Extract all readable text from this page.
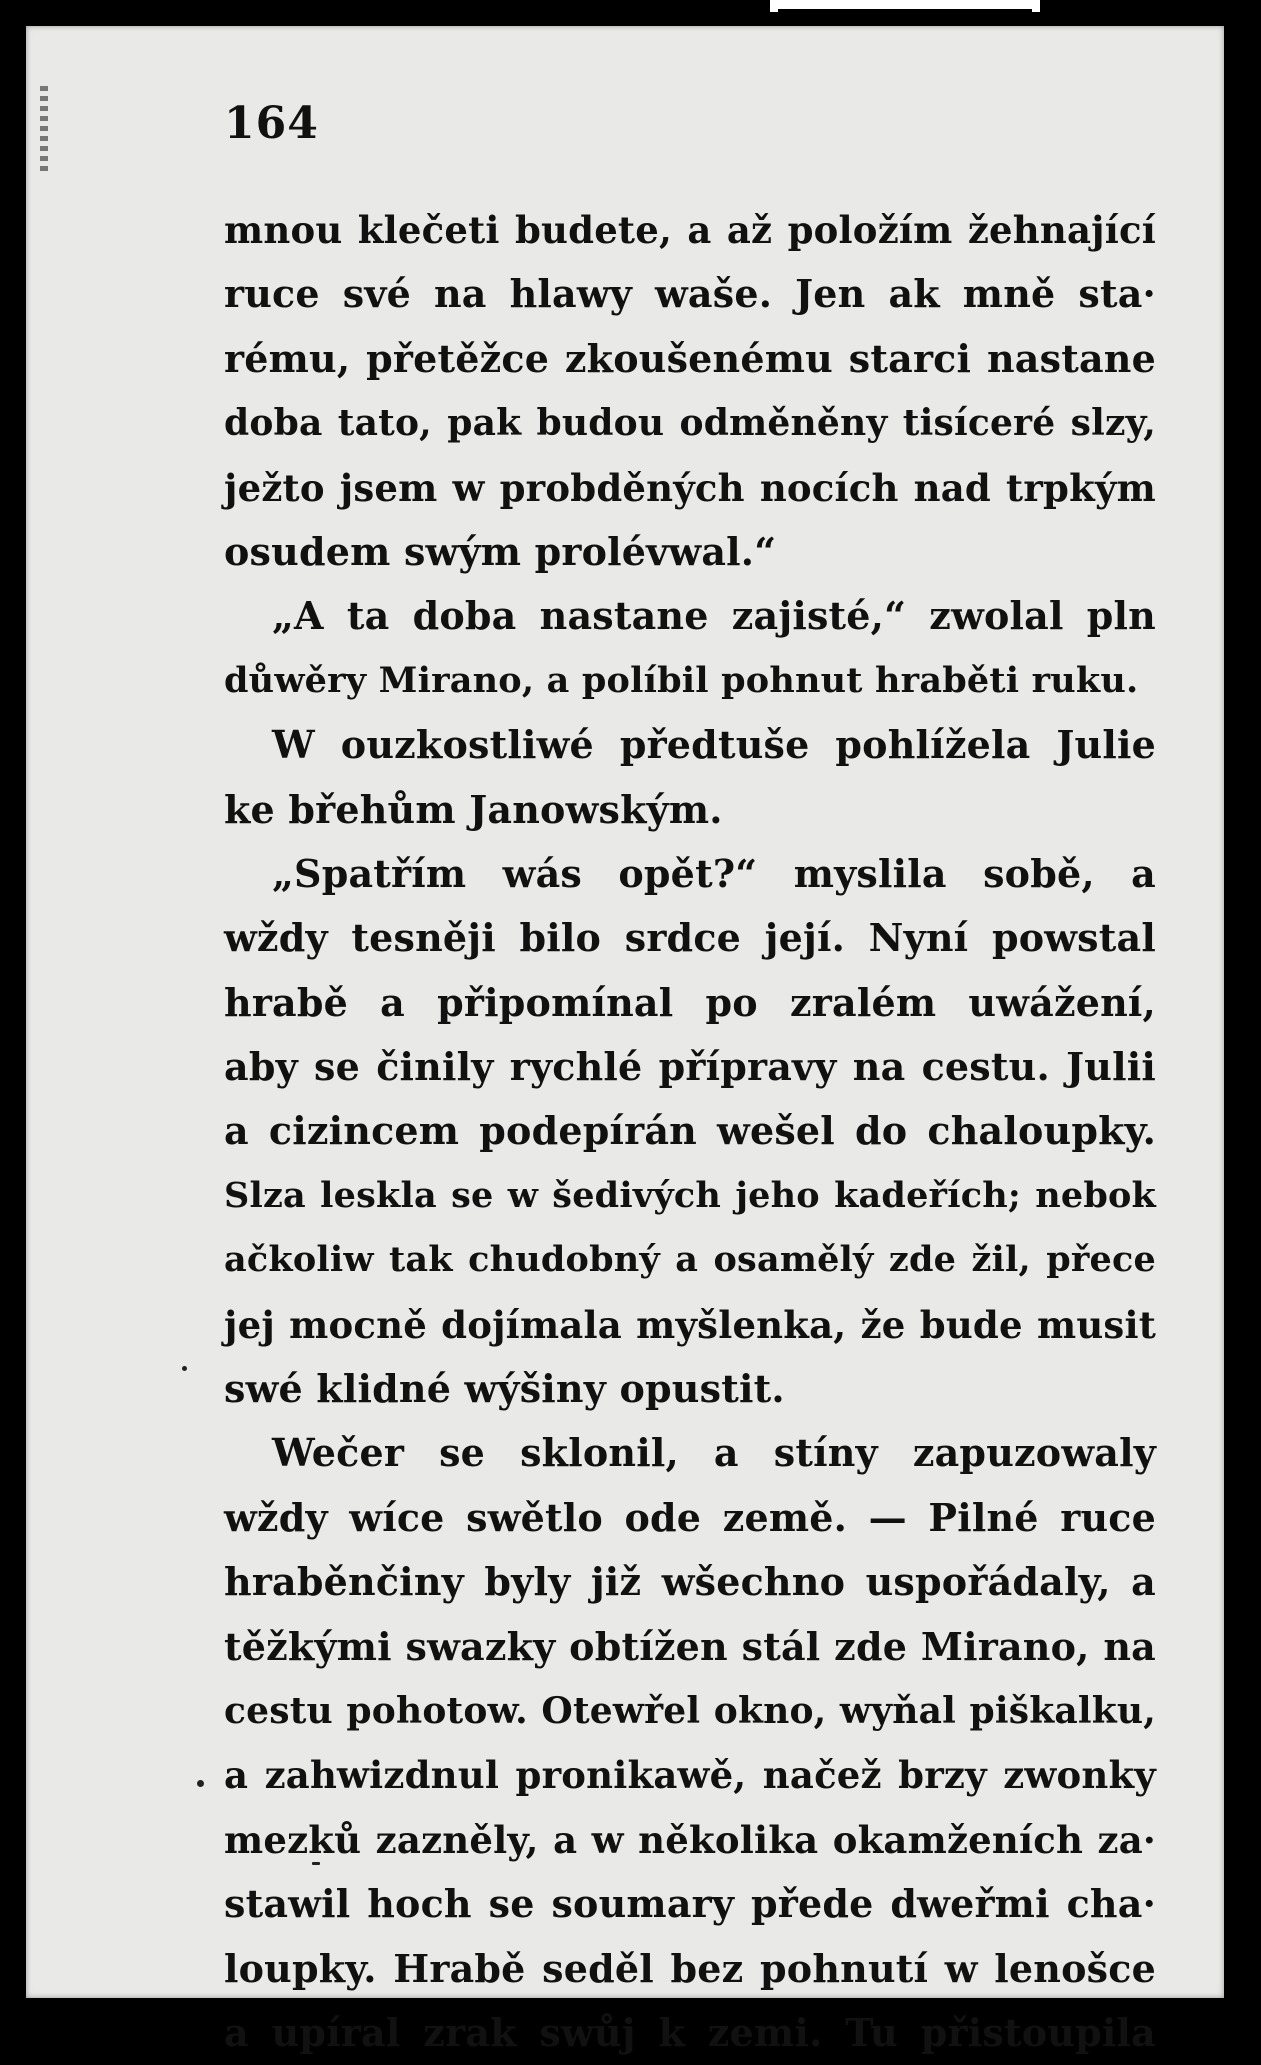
164
mnou klečeti budete, a až položím žehnající
ruce své na hlawy waše. Jen ak mně sta·
rému, přetěžce zkoušenému starci nastane
doba tato, pak budou odměněny tisíceré slzy,
ježto jsem w probděných nocích nad trpkým
osudem swým prolévwal.“
„A ta doba nastane zajisté,“ zwolal pln
důwěry Mirano, a políbil pohnut hraběti ruku.
W ouzkostliwé předtuše pohlížela Julie
ke břehům Janowským.
„Spatřím wás opět?“ myslila sobě, a
wždy tesněji bilo srdce její. Nyní powstal
hrabě a připomínal po zralém uwážení,
aby se činily rychlé přípravy na cestu. Julii
a cizincem podepírán wešel do chaloupky.
Slza leskla se w šedivých jeho kadeřích; nebok
ačkoliw tak chudobný a osamělý zde žil, přece
jej mocně dojímala myšlenka, že bude musit
swé klidné wýšiny opustit.
Wečer se sklonil, a stíny zapuzowaly
wždy wíce swětlo ode země. — Pilné ruce
hraběnčiny byly již wšechno uspořádaly, a
těžkými swazky obtížen stál zde Mirano, na
cestu pohotow. Otewřel okno, wyňal piškalku,
a zahwizdnul pronikawě, načež brzy zwonky
mezků zazněly, a w několika okamženích za·
stawil hoch se soumary přede dweřmi cha·
loupky. Hrabě seděl bez pohnutí w lenošce
a upíral zrak swůj k zemi. Tu přistoupila
